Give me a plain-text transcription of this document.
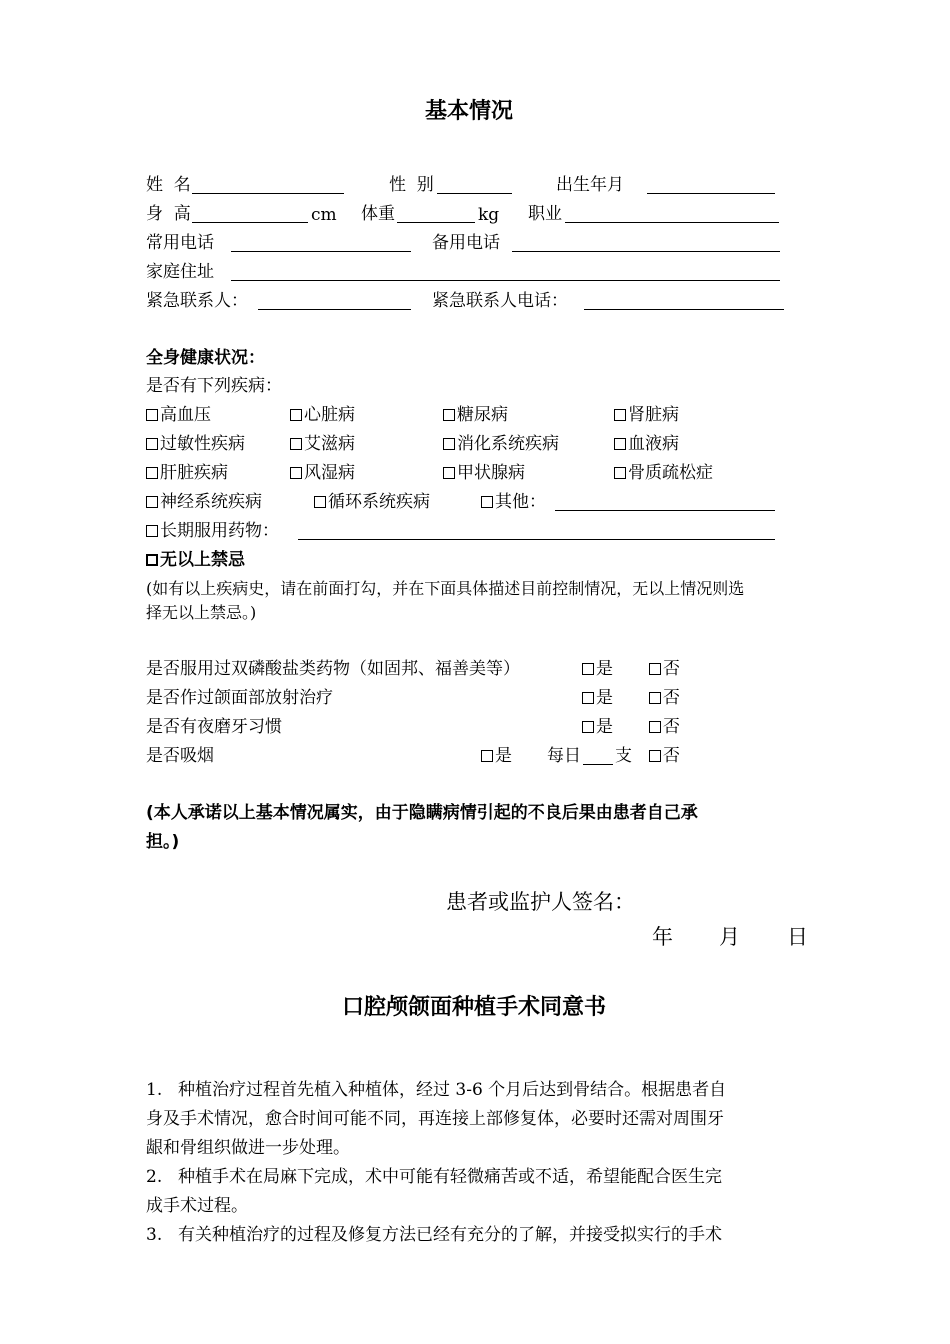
基本情况
姓  名	性  别	出生年月
身  高	cm 体重	kg 职业
常用电话	备用电话
家庭住址
紧急联系人：	紧急联系人电话：
全身健康状况：
是否有下列疾病：
高血压	心脏病	糖尿病	肾脏病
过敏性疾病	艾滋病	消化系统疾病	血液病
肝脏疾病	风湿病	甲状腺病	骨质疏松症
神经系统疾病	循环系统疾病	其他：
长期服用药物：
无以上禁忌
(如有以上疾病史，请在前面打勾，并在下面具体描述目前控制情况，无以上情况则选
择无以上禁忌。)
是否服用过双磷酸盐类药物（如固邦、福善美等）	是	否
是否作过颌面部放射治疗	是	否
是否有夜磨牙习惯	是	否
是否吸烟	是 每日 支	否
(本人承诺以上基本情况属实，由于隐瞒病情引起的不良后果由患者自己承
担。)
患者或监护人签名：
年 月 日
口腔颅颌面种植手术同意书
1. 种植治疗过程首先植入种植体，经过 3-6 个月后达到骨结合。根据患者自
身及手术情况，愈合时间可能不同，再连接上部修复体，必要时还需对周围牙
龈和骨组织做进一步处理。
2. 种植手术在局麻下完成，术中可能有轻微痛苦或不适，希望能配合医生完
成手术过程。
3. 有关种植治疗的过程及修复方法已经有充分的了解，并接受拟实行的手术
